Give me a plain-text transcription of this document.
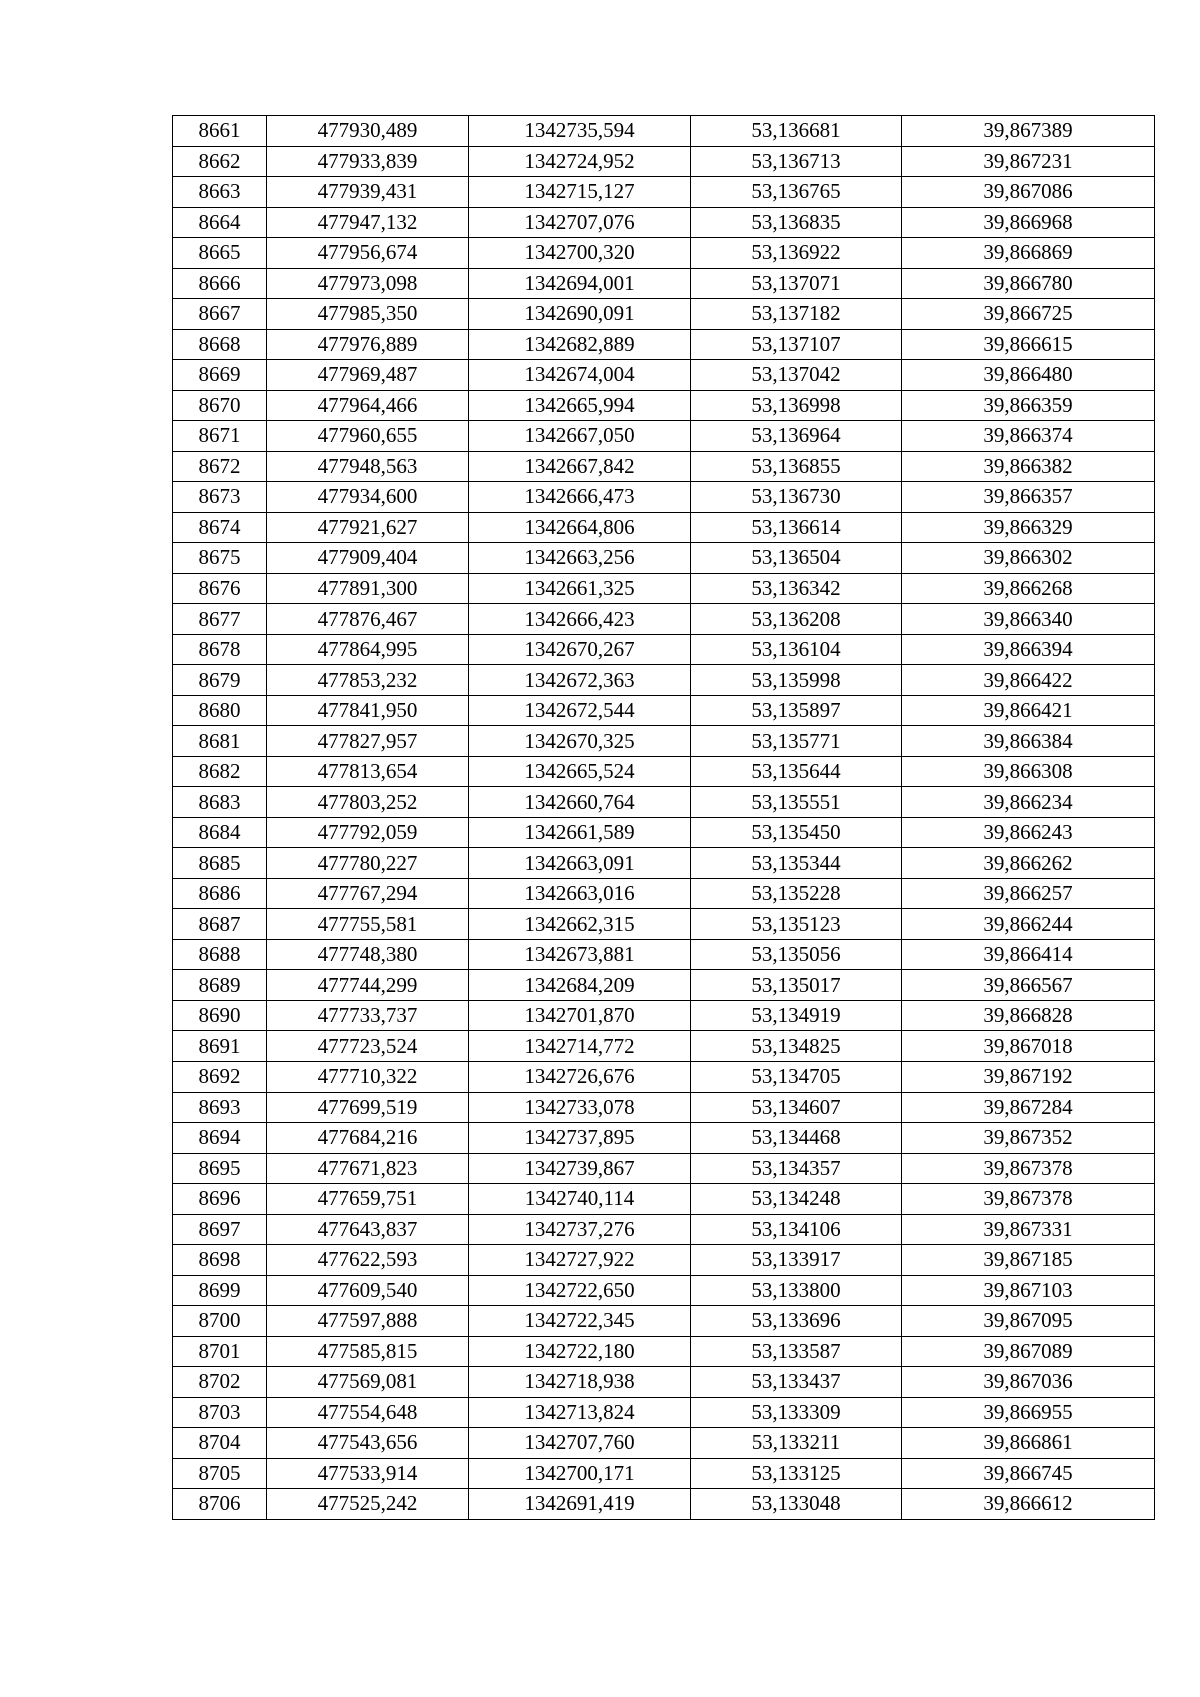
8661	477930,489	1342735,594	53,136681	39,867389
8662	477933,839	1342724,952	53,136713	39,867231
8663	477939,431	1342715,127	53,136765	39,867086
8664	477947,132	1342707,076	53,136835	39,866968
8665	477956,674	1342700,320	53,136922	39,866869
8666	477973,098	1342694,001	53,137071	39,866780
8667	477985,350	1342690,091	53,137182	39,866725
8668	477976,889	1342682,889	53,137107	39,866615
8669	477969,487	1342674,004	53,137042	39,866480
8670	477964,466	1342665,994	53,136998	39,866359
8671	477960,655	1342667,050	53,136964	39,866374
8672	477948,563	1342667,842	53,136855	39,866382
8673	477934,600	1342666,473	53,136730	39,866357
8674	477921,627	1342664,806	53,136614	39,866329
8675	477909,404	1342663,256	53,136504	39,866302
8676	477891,300	1342661,325	53,136342	39,866268
8677	477876,467	1342666,423	53,136208	39,866340
8678	477864,995	1342670,267	53,136104	39,866394
8679	477853,232	1342672,363	53,135998	39,866422
8680	477841,950	1342672,544	53,135897	39,866421
8681	477827,957	1342670,325	53,135771	39,866384
8682	477813,654	1342665,524	53,135644	39,866308
8683	477803,252	1342660,764	53,135551	39,866234
8684	477792,059	1342661,589	53,135450	39,866243
8685	477780,227	1342663,091	53,135344	39,866262
8686	477767,294	1342663,016	53,135228	39,866257
8687	477755,581	1342662,315	53,135123	39,866244
8688	477748,380	1342673,881	53,135056	39,866414
8689	477744,299	1342684,209	53,135017	39,866567
8690	477733,737	1342701,870	53,134919	39,866828
8691	477723,524	1342714,772	53,134825	39,867018
8692	477710,322	1342726,676	53,134705	39,867192
8693	477699,519	1342733,078	53,134607	39,867284
8694	477684,216	1342737,895	53,134468	39,867352
8695	477671,823	1342739,867	53,134357	39,867378
8696	477659,751	1342740,114	53,134248	39,867378
8697	477643,837	1342737,276	53,134106	39,867331
8698	477622,593	1342727,922	53,133917	39,867185
8699	477609,540	1342722,650	53,133800	39,867103
8700	477597,888	1342722,345	53,133696	39,867095
8701	477585,815	1342722,180	53,133587	39,867089
8702	477569,081	1342718,938	53,133437	39,867036
8703	477554,648	1342713,824	53,133309	39,866955
8704	477543,656	1342707,760	53,133211	39,866861
8705	477533,914	1342700,171	53,133125	39,866745
8706	477525,242	1342691,419	53,133048	39,866612
